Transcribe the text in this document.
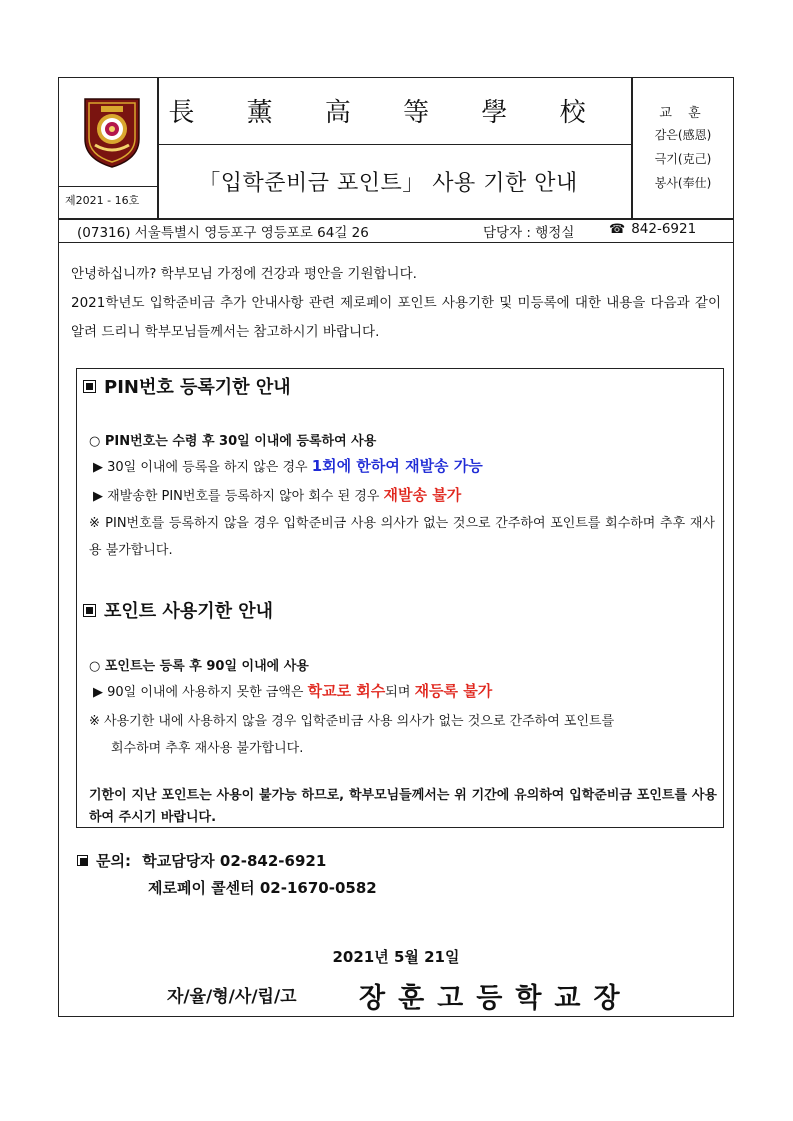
제2021 - 16호
長 薰 高 等 學 校
「입학준비금 포인트」 사용 기한 안내
교 훈
감은(感恩)
극기(克己)
봉사(奉仕)
(07316) 서울특별시 영등포구 영등포로 64길 26	담당자 : 행정실	☎ 842-6921
안녕하십니까? 학부모님 가정에 건강과 평안을 기원합니다.
2021학년도 입학준비금 추가 안내사항 관련 제로페이 포인트 사용기한 및 미등록에 대한 내용을 다음과 같이 알려 드리니 학부모님들께서는 참고하시기 바랍니다.
PIN번호 등록기한 안내
○ PIN번호는 수령 후 30일 이내에 등록하여 사용
▶ 30일 이내에 등록을 하지 않은 경우 1회에 한하여 재발송 가능
▶ 재발송한 PIN번호를 등록하지 않아 회수 된 경우 재발송 불가
※ PIN번호를 등록하지 않을 경우 입학준비금 사용 의사가 없는 것으로 간주하여 포인트를 회수하며 추후 재사용 불가합니다.
포인트 사용기한 안내
○ 포인트는 등록 후 90일 이내에 사용
▶ 90일 이내에 사용하지 못한 금액은 학교로 회수되며 재등록 불가
※ 사용기한 내에 사용하지 않을 경우 입학준비금 사용 의사가 없는 것으로 간주하여 포인트를
회수하며 추후 재사용 불가합니다.
기한이 지난 포인트는 사용이 불가능 하므로, 학부모님들께서는 위 기간에 유의하여 입학준비금 포인트를 사용하여 주시기 바랍니다.
문의: 학교담당자 02-842-6921
제로페이 콜센터 02-1670-0582
2021년 5월 21일
자/율/형/사/립/고 장훈고등학교장
